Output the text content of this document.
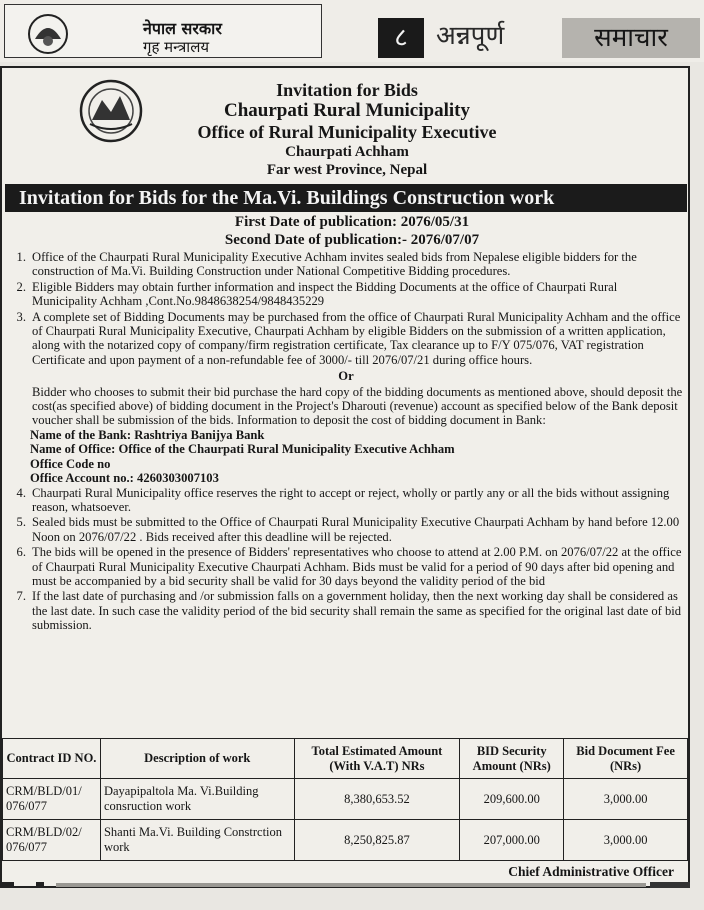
नेपाल सरकार
गृह मन्त्रालय	८	अन्नपूर्ण	समाचार
Invitation for Bids
Chaurpati Rural Municipality
Office of Rural Municipality Executive
Chaurpati Achham
Far west Province, Nepal
Invitation for Bids for the Ma.Vi. Buildings Construction work
First Date of publication: 2076/05/31
Second Date of publication:- 2076/07/07
1. Office of the Chaurpati Rural Municipality Executive Achham invites sealed bids from Nepalese eligible bidders for the construction of Ma.Vi. Building Construction under National Competitive Bidding procedures.
2. Eligible Bidders may obtain further information and inspect the Bidding Documents at the office of Chaurpati Rural Municipality Achham ,Cont.No.9848638254/9848435229
3. A complete set of Bidding Documents may be purchased from the office of Chaurpati Rural Municipality Achham and the office of Chaurpati Rural Municipality Executive, Chaurpati Achham by eligible Bidders on the submission of a written application, along with the notarized copy of company/firm registration certificate, Tax clearance up to F/Y 075/076, VAT registration Certificate and upon payment of a non-refundable fee of 3000/- till 2076/07/21 during office hours.
Or
Bidder who chooses to submit their bid purchase the hard copy of the bidding documents as mentioned above, should deposit the cost(as specified above) of bidding document in the Project's Dharouti (revenue) account as specified below of the Bank deposit voucher shall be submission of the bids. Information to deposit the cost of bidding document in Bank:
Name of the Bank: Rashtriya Banijya Bank
Name of Office: Office of the Chaurpati Rural Municipality Executive Achham
Office Code no
Office Account no.: 4260303007103
4. Chaurpati Rural Municipality office reserves the right to accept or reject, wholly or partly any or all the bids without assigning reason, whatsoever.
5. Sealed bids must be submitted to the Office of Chaurpati Rural Municipality Executive Chaurpati Achham by hand before 12.00 Noon on 2076/07/22 . Bids received after this deadline will be rejected.
6. The bids will be opened in the presence of Bidders' representatives who choose to attend at 2.00 P.M. on 2076/07/22 at the office of Chaurpati Rural Municipality Executive Chaurpati Achham. Bids must be valid for a period of 90 days after bid opening and must be accompanied by a bid security shall be valid for 30 days beyond the validity period of the bid
7. If the last date of purchasing and /or submission falls on a government holiday, then the next working day shall be considered as the last date. In such case the validity period of the bid security shall remain the same as specified for the original last date of bid submission.
Contract ID NO.	Description of work	Total Estimated Amount (With V.A.T) NRs	BID Security Amount (NRs)	Bid Document Fee (NRs)
CRM/BLD/01/ 076/077	Dayapipaltola Ma. Vi.Building consruction work	8,380,653.52	209,600.00	3,000.00
CRM/BLD/02/ 076/077	Shanti Ma.Vi. Building Constrction work	8,250,825.87	207,000.00	3,000.00
Chief Administrative Officer
